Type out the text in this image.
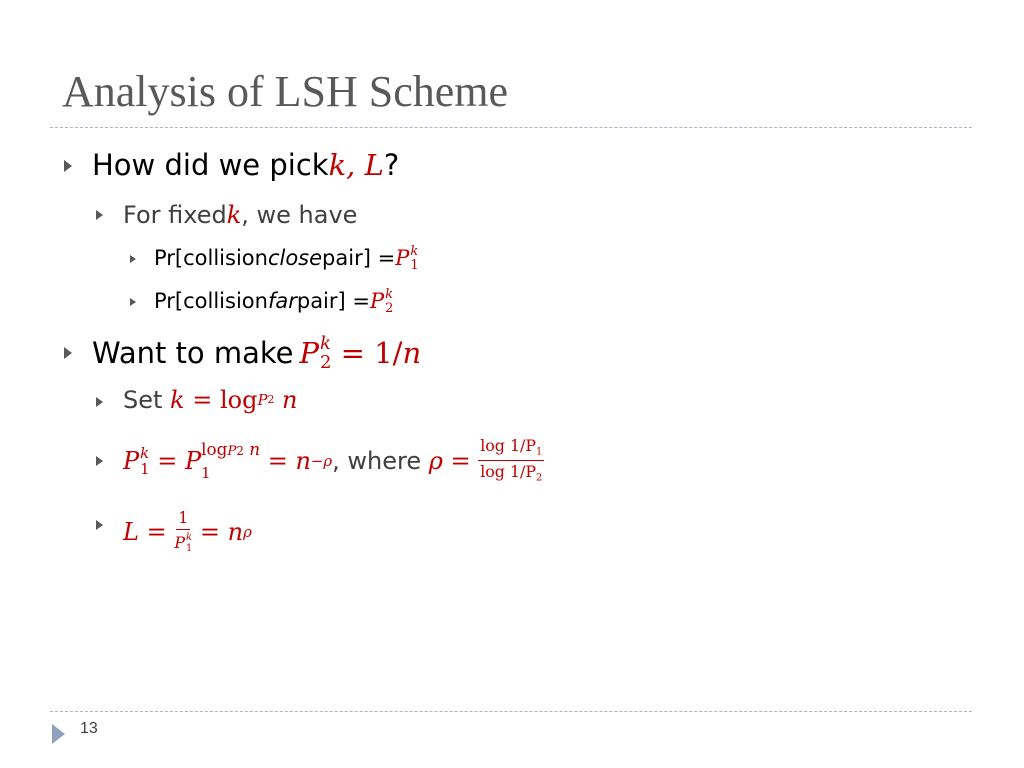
Analysis of LSH Scheme
How did we pick k, L ?
For fixed k , we have
Pr[collision close pair] = P k
1
Pr[collision far pair] = P k
2
Want to make P k
2 = 1/ n
Set k = log P 2 n
P k
1 = P logP2 n
1	= n −ρ , where $\rho = \frac{\log 1/P_1}{\log 1/P_2}$
L = 1
P k
1 = n ρ
13
